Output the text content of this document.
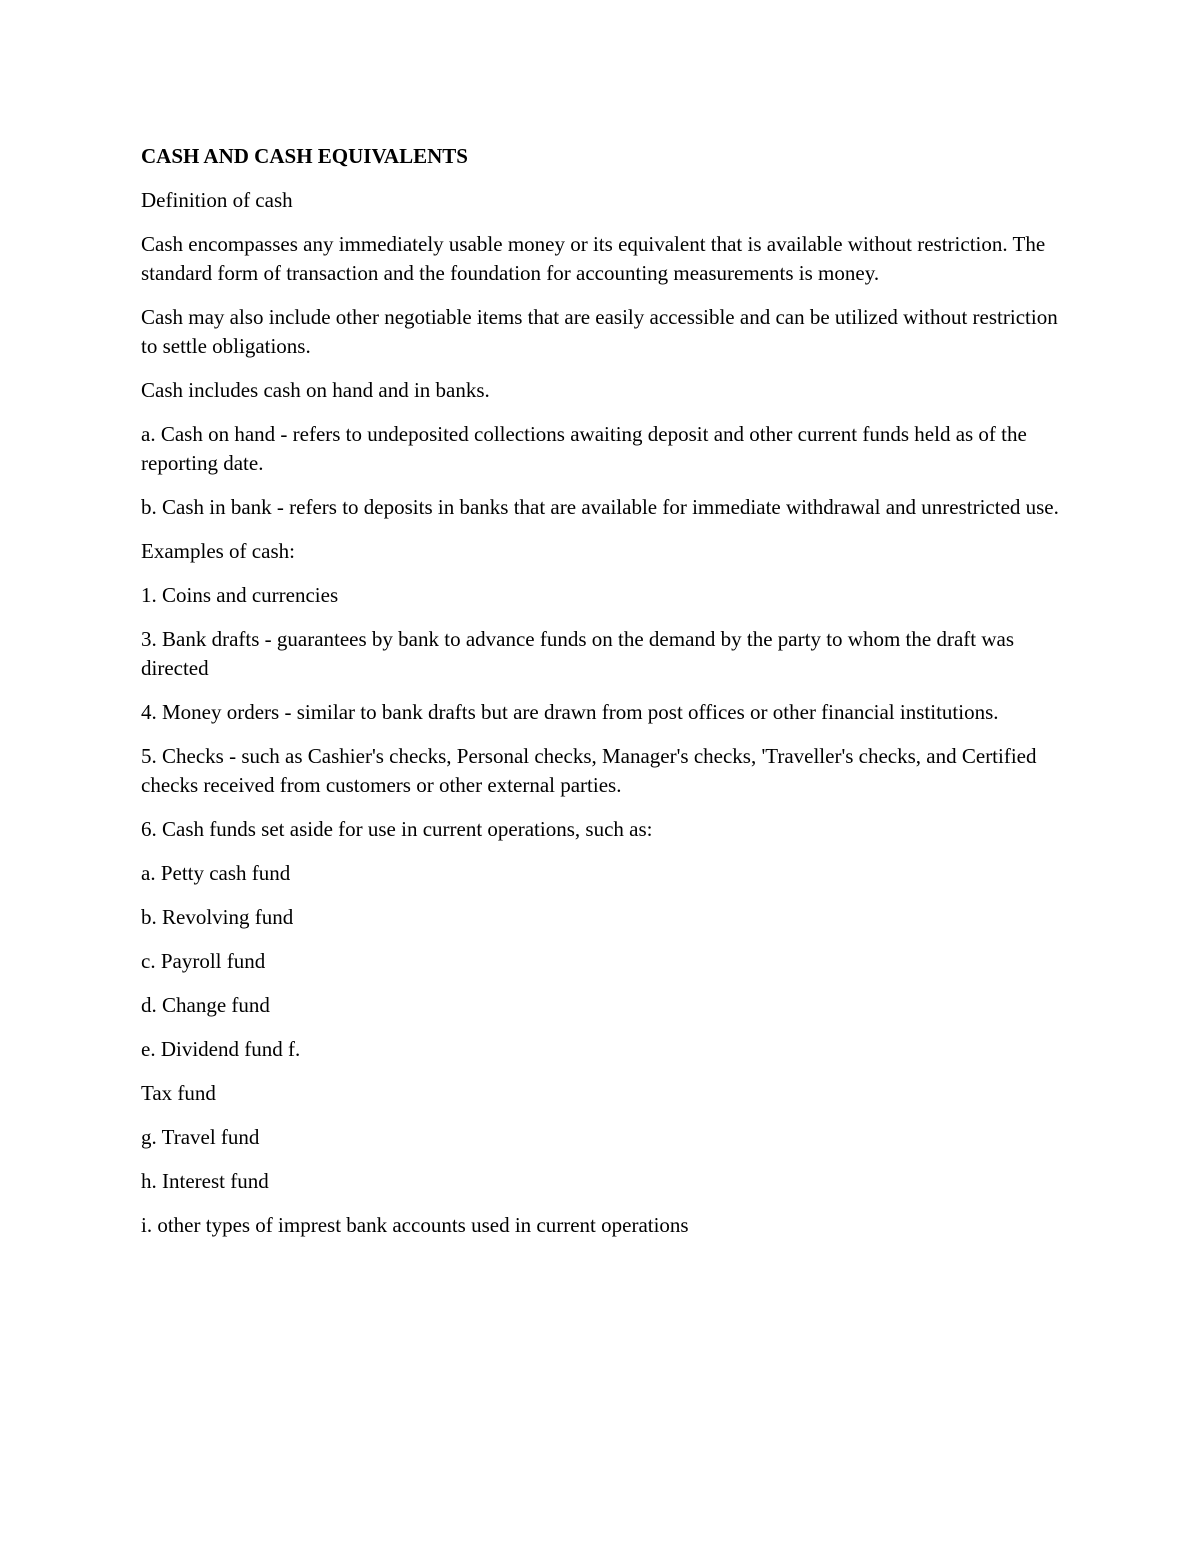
CASH AND CASH EQUIVALENTS

Definition of cash

Cash encompasses any immediately usable money or its equivalent that is available without restriction. The standard form of transaction and the foundation for accounting measurements is money.

Cash may also include other negotiable items that are easily accessible and can be utilized without restriction to settle obligations.

Cash includes cash on hand and in banks.

a. Cash on hand - refers to undeposited collections awaiting deposit and other current funds held as of the reporting date.

b. Cash in bank - refers to deposits in banks that are available for immediate withdrawal and unrestricted use.

Examples of cash:

1. Coins and currencies

3. Bank drafts - guarantees by bank to advance funds on the demand by the party to whom the draft was directed

4. Money orders - similar to bank drafts but are drawn from post offices or other financial institutions.

5. Checks - such as Cashier's checks, Personal checks, Manager's checks, 'Traveller's checks, and Certified checks received from customers or other external parties.

6. Cash funds set aside for use in current operations, such as:

a. Petty cash fund

b. Revolving fund

c. Payroll fund

d. Change fund

e. Dividend fund f.

Tax fund

g. Travel fund

h. Interest fund

i. other types of imprest bank accounts used in current operations
